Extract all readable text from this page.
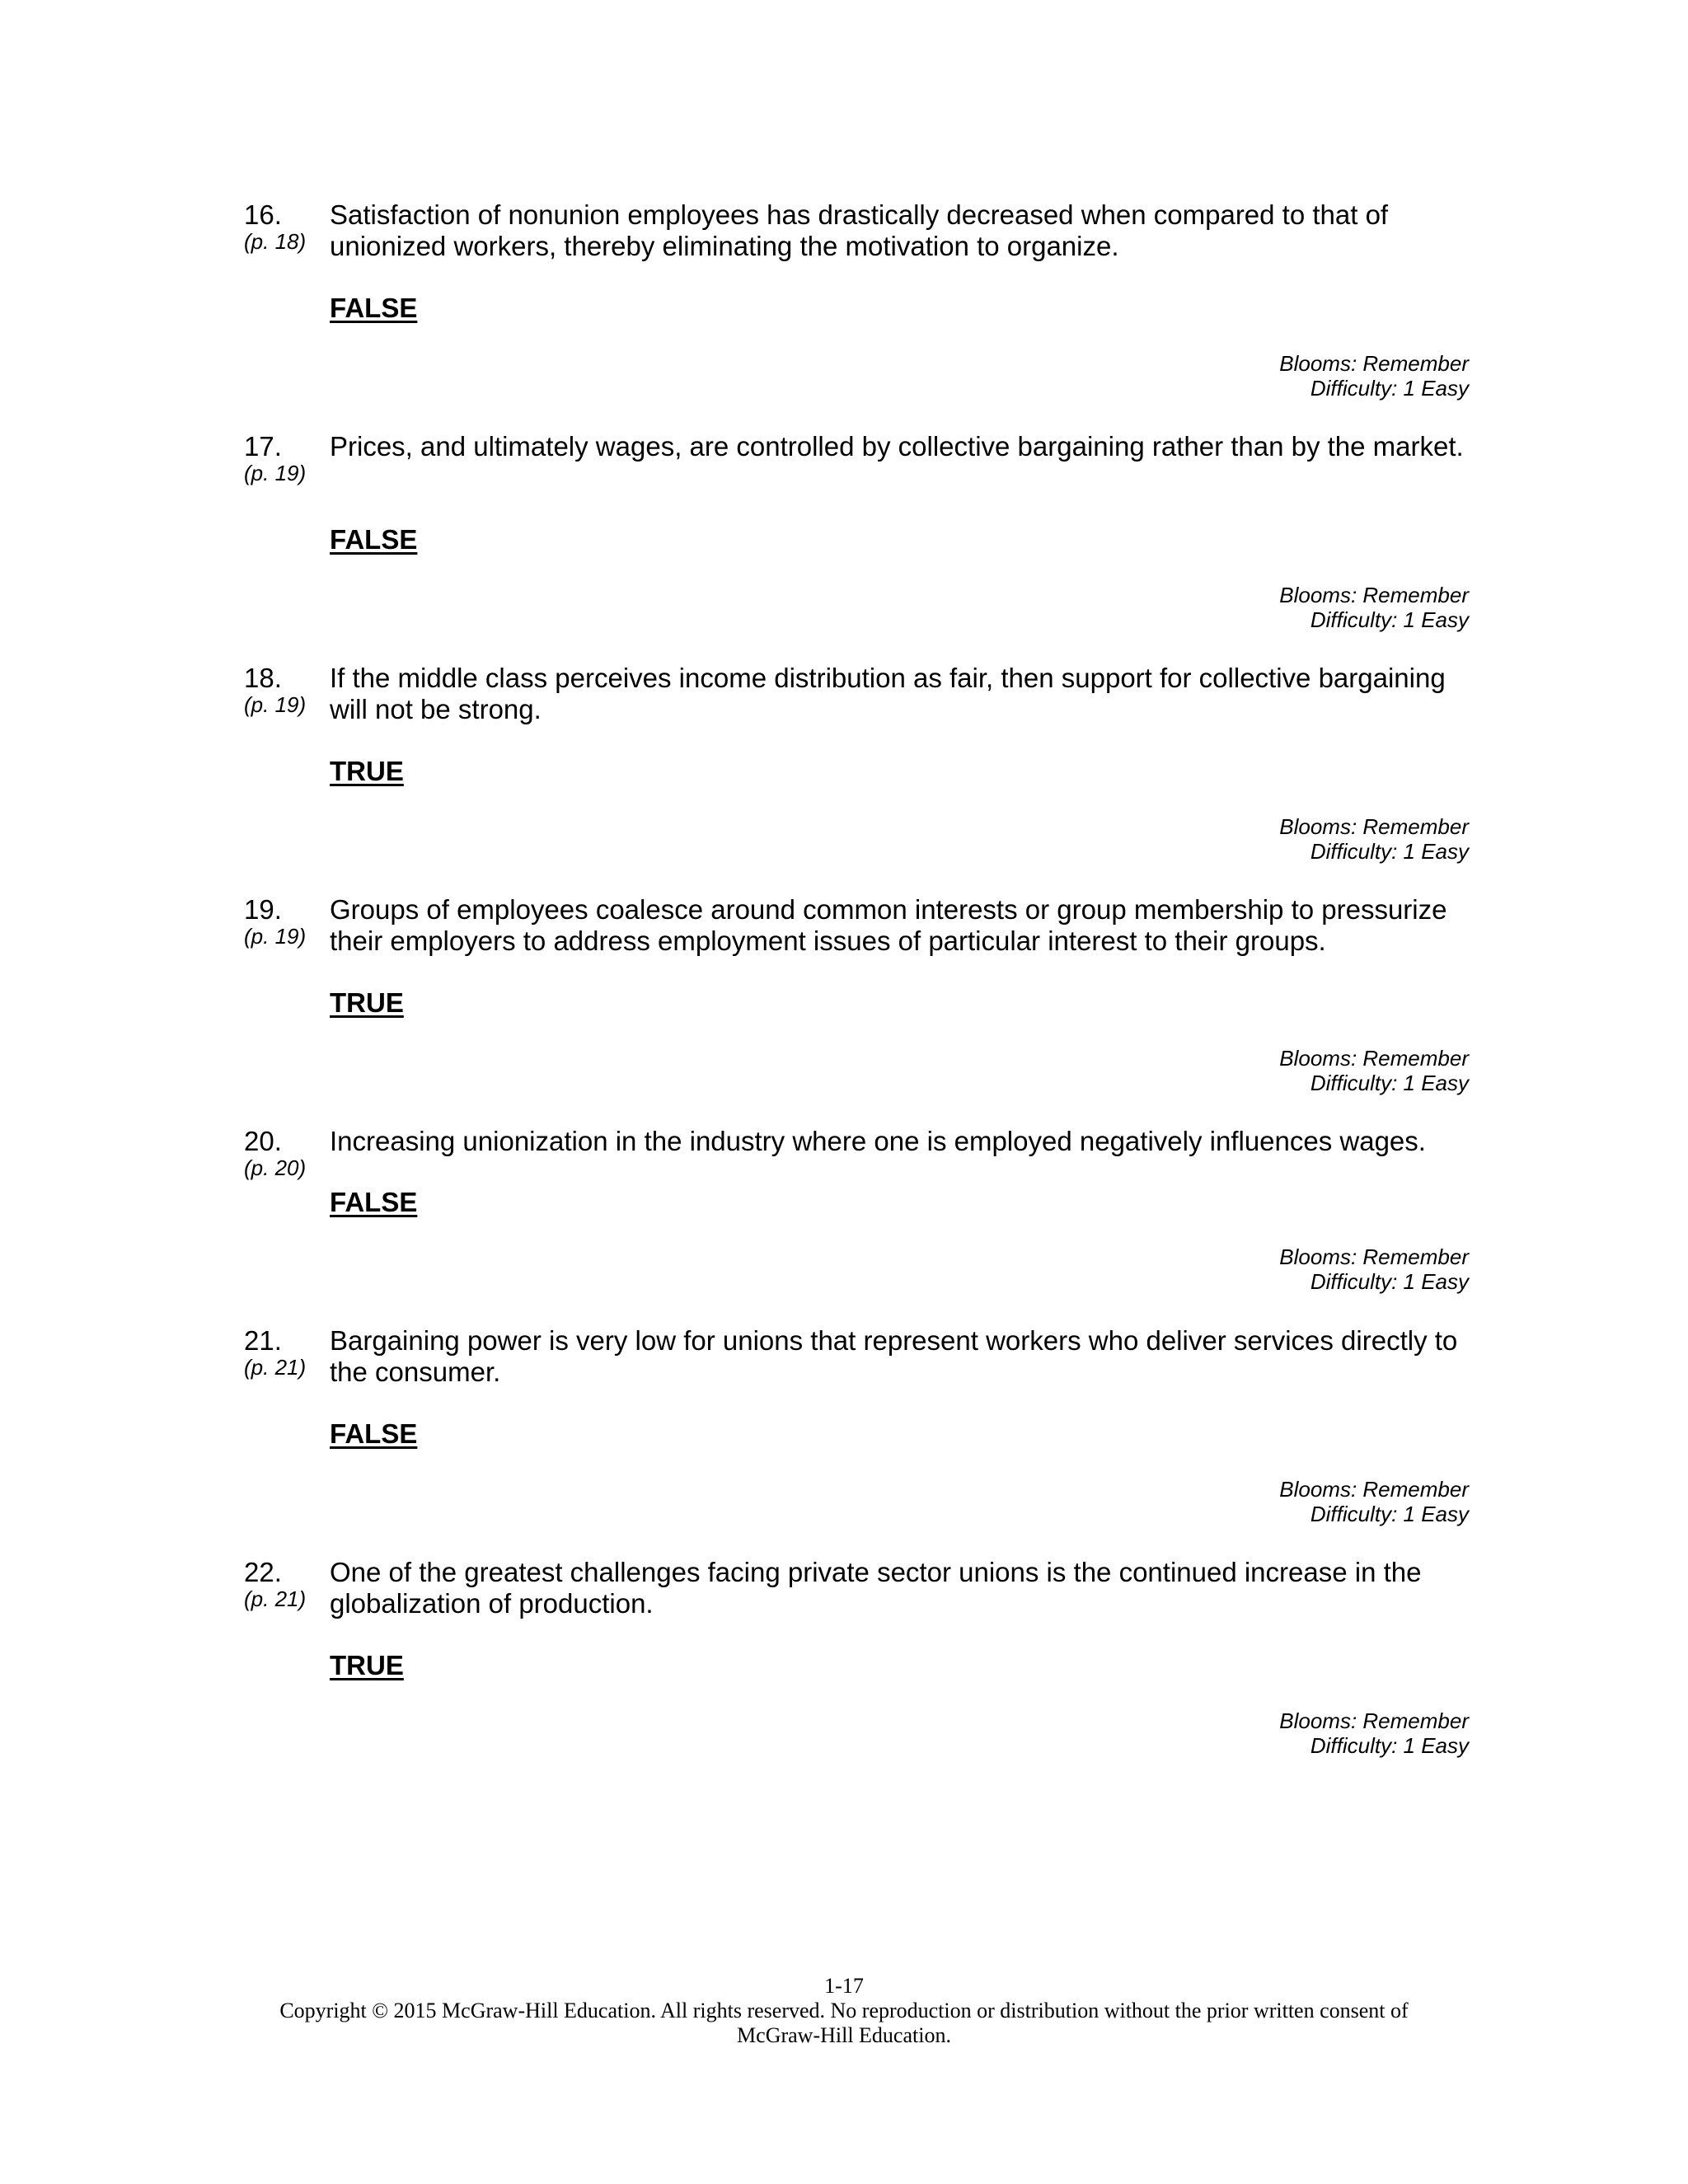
16.
(p. 18)
Satisfaction of nonunion employees has drastically decreased when compared to that of unionized workers, thereby eliminating the motivation to organize.
FALSE
Blooms: Remember
Difficulty: 1 Easy
17.
(p. 19)
Prices, and ultimately wages, are controlled by collective bargaining rather than by the market.
FALSE
Blooms: Remember
Difficulty: 1 Easy
18.
(p. 19)
If the middle class perceives income distribution as fair, then support for collective bargaining will not be strong.
TRUE
Blooms: Remember
Difficulty: 1 Easy
19.
(p. 19)
Groups of employees coalesce around common interests or group membership to pressurize their employers to address employment issues of particular interest to their groups.
TRUE
Blooms: Remember
Difficulty: 1 Easy
20.
(p. 20)
Increasing unionization in the industry where one is employed negatively influences wages.
FALSE
Blooms: Remember
Difficulty: 1 Easy
21.
(p. 21)
Bargaining power is very low for unions that represent workers who deliver services directly to the consumer.
FALSE
Blooms: Remember
Difficulty: 1 Easy
22.
(p. 21)
One of the greatest challenges facing private sector unions is the continued increase in the globalization of production.
TRUE
Blooms: Remember
Difficulty: 1 Easy
1-17
Copyright © 2015 McGraw-Hill Education. All rights reserved. No reproduction or distribution without the prior written consent of McGraw-Hill Education.
